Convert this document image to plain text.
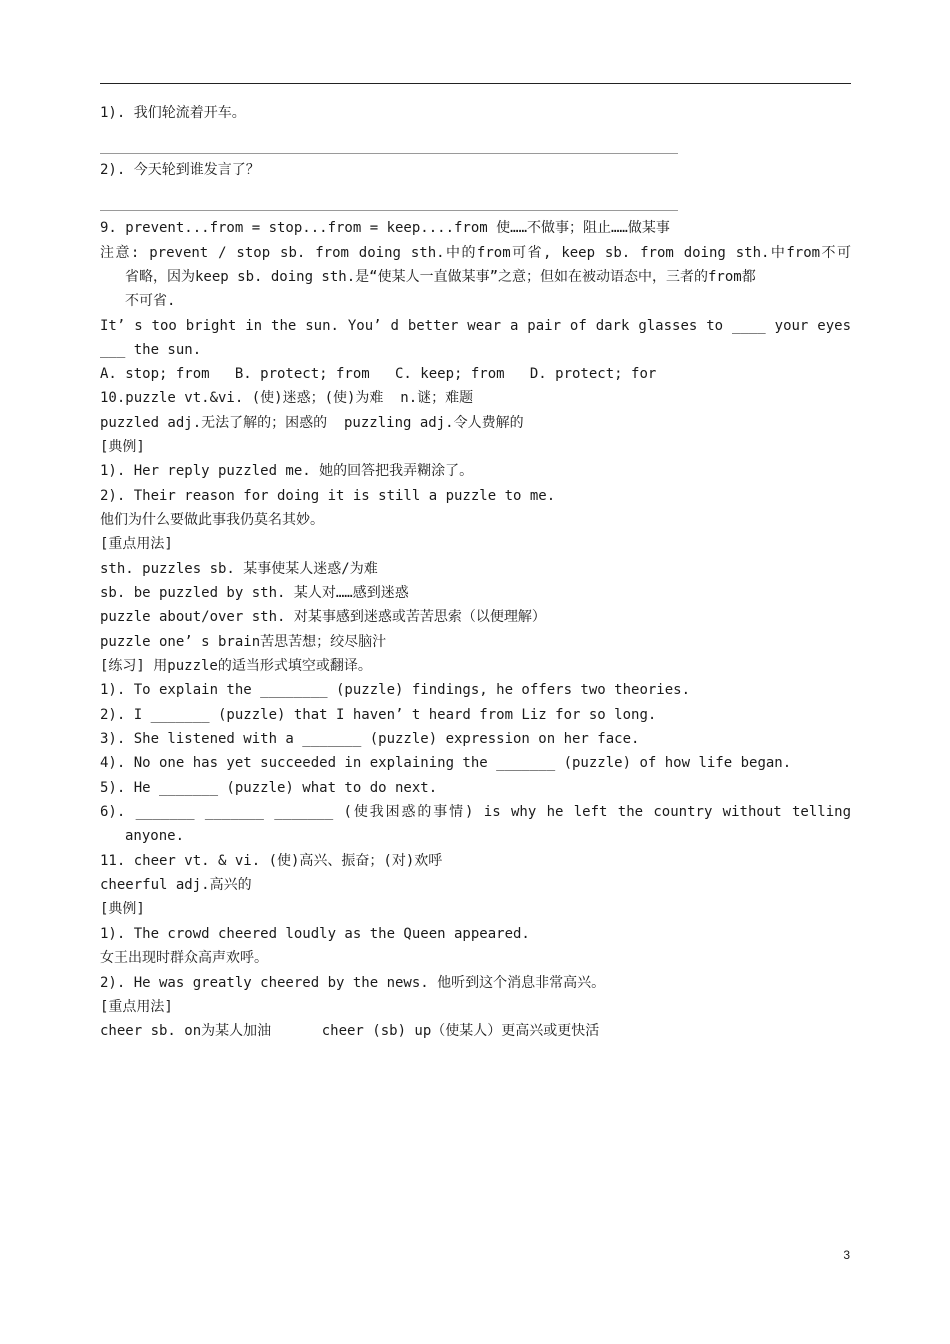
1). 我们轮流着开车。
2). 今天轮到谁发言了？
9. prevent...from = stop...from = keep....from 使……不做事；阻止……做某事
注意: prevent / stop sb. from doing sth.中的from可省, keep sb. from doing sth.中from不可
省略，因为keep sb. doing sth.是“使某人一直做某事”之意；但如在被动语态中，三者的from都
不可省.
It’ s too bright in the sun. You’ d better wear a pair of dark glasses to ____ your eyes
___ the sun.
A. stop; from   B. protect; from   C. keep; from   D. protect; for
10.puzzle vt.&vi. (使)迷惑；(使)为难  n.谜；难题
puzzled adj.无法了解的；困惑的  puzzling adj.令人费解的
[典例]
1). Her reply puzzled me. 她的回答把我弄糊涂了。
2). Their reason for doing it is still a puzzle to me.
他们为什么要做此事我仍莫名其妙。
[重点用法]
sth. puzzles sb. 某事使某人迷惑/为难
sb. be puzzled by sth. 某人对……感到迷惑
puzzle about/over sth. 对某事感到迷惑或苦苦思索（以便理解）
puzzle one’ s brain苦思苦想；绞尽脑汁
[练习] 用puzzle的适当形式填空或翻译。
1). To explain the ________ (puzzle) findings, he offers two theories.
2). I _______ (puzzle) that I haven’ t heard from Liz for so long.
3). She listened with a _______ (puzzle) expression on her face.
4). No one has yet succeeded in explaining the _______ (puzzle) of how life began.
5). He _______ (puzzle) what to do next.
6). _______ _______ _______ (使我困惑的事情) is why he left the country without telling
anyone.
11. cheer vt. & vi. (使)高兴、振奋；(对)欢呼
cheerful adj.高兴的
[典例]
1). The crowd cheered loudly as the Queen appeared.
女王出现时群众高声欢呼。
2). He was greatly cheered by the news. 他听到这个消息非常高兴。
[重点用法]
cheer sb. on为某人加油      cheer (sb) up（使某人）更高兴或更快活
3
